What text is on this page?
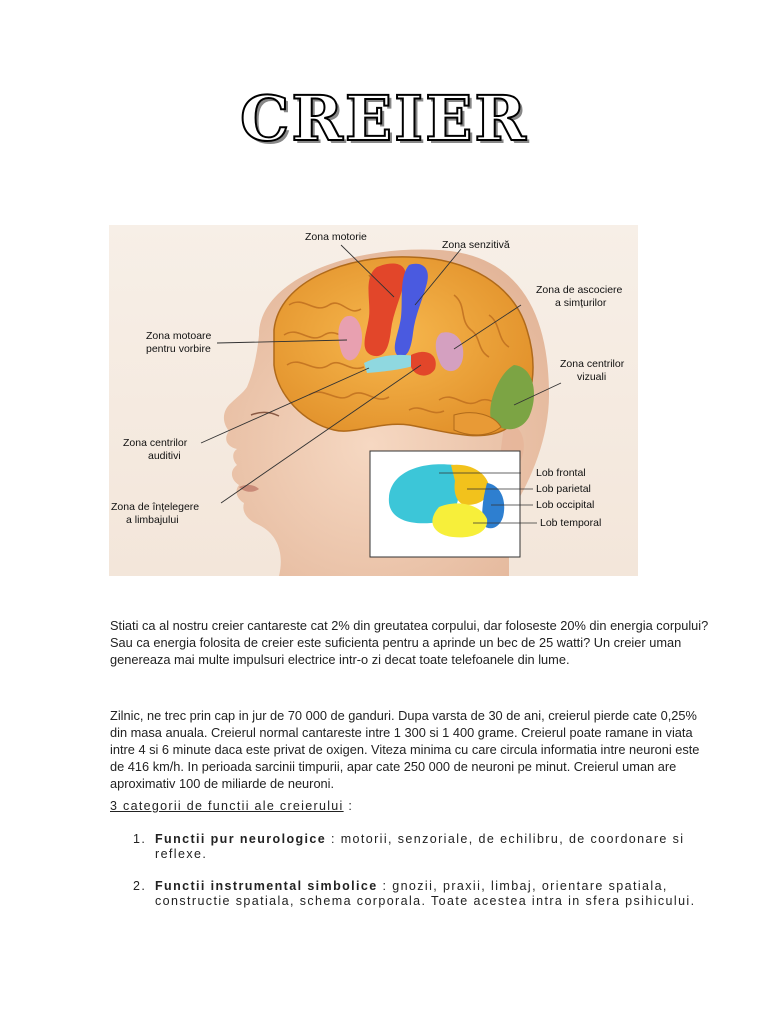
CREIER
Zona motorie
Zona senzitivă
Zona de ascociere
a simțurilor
Zona motoare
pentru vorbire
Zona centrilor
vizuali
Zona centrilor
auditivi
Zona de înțelegere
a limbajului
Lob frontal
Lob parietal
Lob occipital
Lob temporal

Stiati ca al nostru creier cantareste cat 2% din greutatea corpului, dar foloseste 20% din energia corpului?Sau ca energia folosita de creier este suficienta pentru a aprinde un bec de 25 watti? Un creier uman genereaza mai multe impulsuri electrice intr-o zi decat toate telefoanele din lume.

Zilnic, ne trec prin cap in jur de 70 000 de ganduri. Dupa varsta de 30 de ani, creierul pierde cate 0,25% din masa anuala. Creierul normal cantareste intre 1 300 si 1 400 grame. Creierul poate ramane in viata intre 4 si 6 minute daca este privat de oxigen. Viteza minima cu care circula informatia intre neuroni este de 416 km/h. In perioada sarcinii timpurii, apar cate 250 000 de neuroni pe minut. Creierul uman are aproximativ 100 de miliarde de neuroni.

3 categorii de functii ale creierului :
1. Functii pur neurologice : motorii, senzoriale, de echilibru, de coordonare si reflexe.
2. Functii instrumental simbolice : gnozii, praxii, limbaj, orientare spatiala, constructie spatiala, schema corporala. Toate acestea intra in sfera psihicului.
